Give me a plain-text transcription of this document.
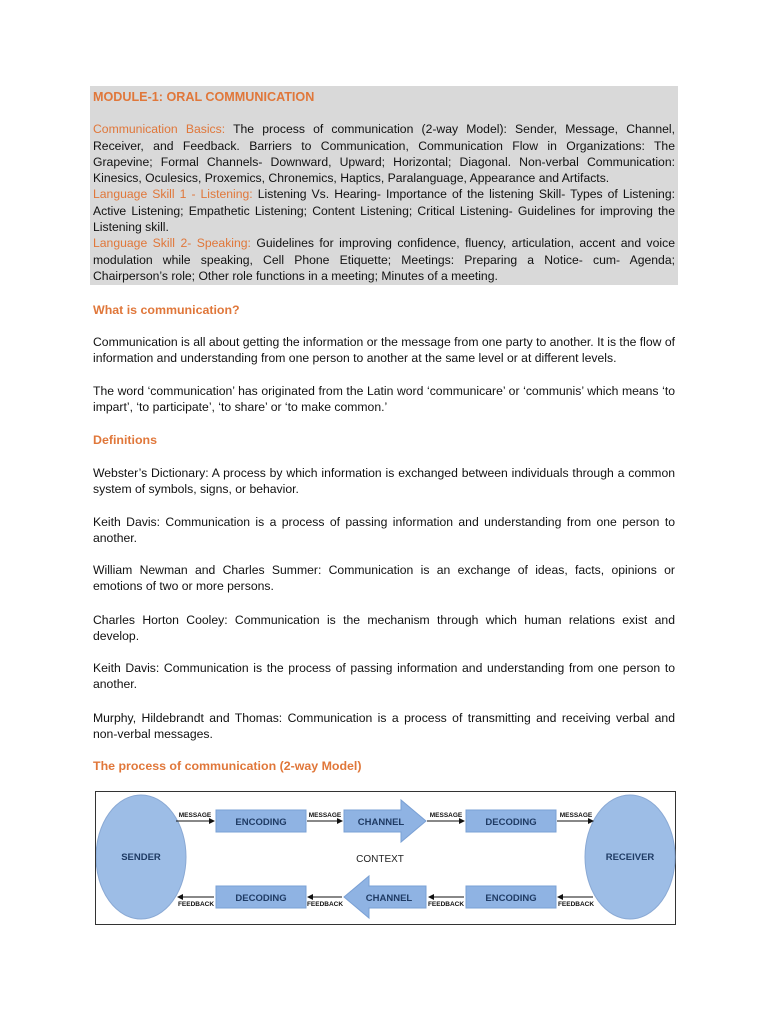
MODULE-1: ORAL COMMUNICATION
Communication Basics: The process of communication (2-way Model): Sender, Message, Channel, Receiver, and Feedback. Barriers to Communication, Communication Flow in Organizations: The Grapevine; Formal Channels- Downward, Upward; Horizontal; Diagonal. Non-verbal Communication: Kinesics, Oculesics, Proxemics, Chronemics, Haptics, Paralanguage, Appearance and Artifacts.
Language Skill 1 - Listening: Listening Vs. Hearing- Importance of the listening Skill- Types of Listening: Active Listening; Empathetic Listening; Content Listening; Critical Listening- Guidelines for improving the Listening skill.
Language Skill 2- Speaking: Guidelines for improving confidence, fluency, articulation, accent and voice modulation while speaking, Cell Phone Etiquette; Meetings: Preparing a Notice- cum- Agenda; Chairperson’s role; Other role functions in a meeting; Minutes of a meeting.
What is communication?
Communication is all about getting the information or the message from one party to another. It is the flow of information and understanding from one person to another at the same level or at different levels.
The word ‘communication’ has originated from the Latin word ‘communicare’ or ‘communis’ which means ‘to impart’, ‘to participate’, ‘to share’ or ‘to make common.’
Definitions
Webster’s Dictionary: A process by which information is exchanged between individuals through a common system of symbols, signs, or behavior.
Keith Davis: Communication is a process of passing information and understanding from one person to another.
William Newman and Charles Summer: Communication is an exchange of ideas, facts, opinions or emotions of two or more persons.
Charles Horton Cooley: Communication is the mechanism through which human relations exist and develop.
Keith Davis: Communication is the process of passing information and understanding from one person to another.
Murphy, Hildebrandt and Thomas: Communication is a process of transmitting and receiving verbal and non-verbal messages.
The process of communication (2-way Model)
SENDER	RECEIVER
ENCODING	CHANNEL	DECODING
MESSAGE	MESSAGE	MESSAGE	MESSAGE
CONTEXT
DECODING	CHANNEL	ENCODING
FEEDBACK
FEEDBACK
FEEDBACK
FEEDBACK
